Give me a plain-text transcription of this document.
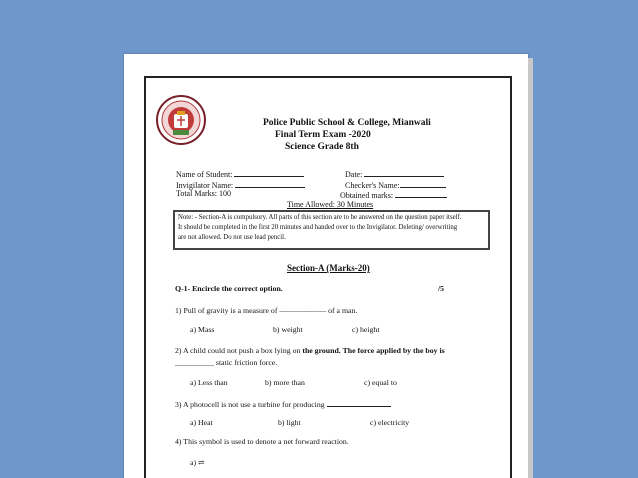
Police Public School & College, Mianwali
Final Term Exam -2020
Science Grade 8th
Name of Student:	Date:
Invigilator Name:	Checker's Name:
Total Marks: 100	Obtained marks:
Time Allowed: 30 Minutes
Note: - Section-A is compulsory. All parts of this section are to be answered on the question paper itself.
It should be completed in the first 20 minutes and handed over to the Invigilator. Deleting/ overwriting
are not allowed. Do not use lead pencil.
Section-A (Marks-20)
Q-1- Encircle the correct option.	/5
1) Pull of gravity is a measure of —————— of a man.
a) Mass	b) weight	c) height
2) A child could not push a box lying on the ground. The force applied by the boy is
__________ static friction force.
a) Less than	b) more than	c) equal to
3) A photocell is not use a turbine for producing
a) Heat	b) light	c) electricity
4) This symbol is used to denote a net forward reaction.
a) ⇌
